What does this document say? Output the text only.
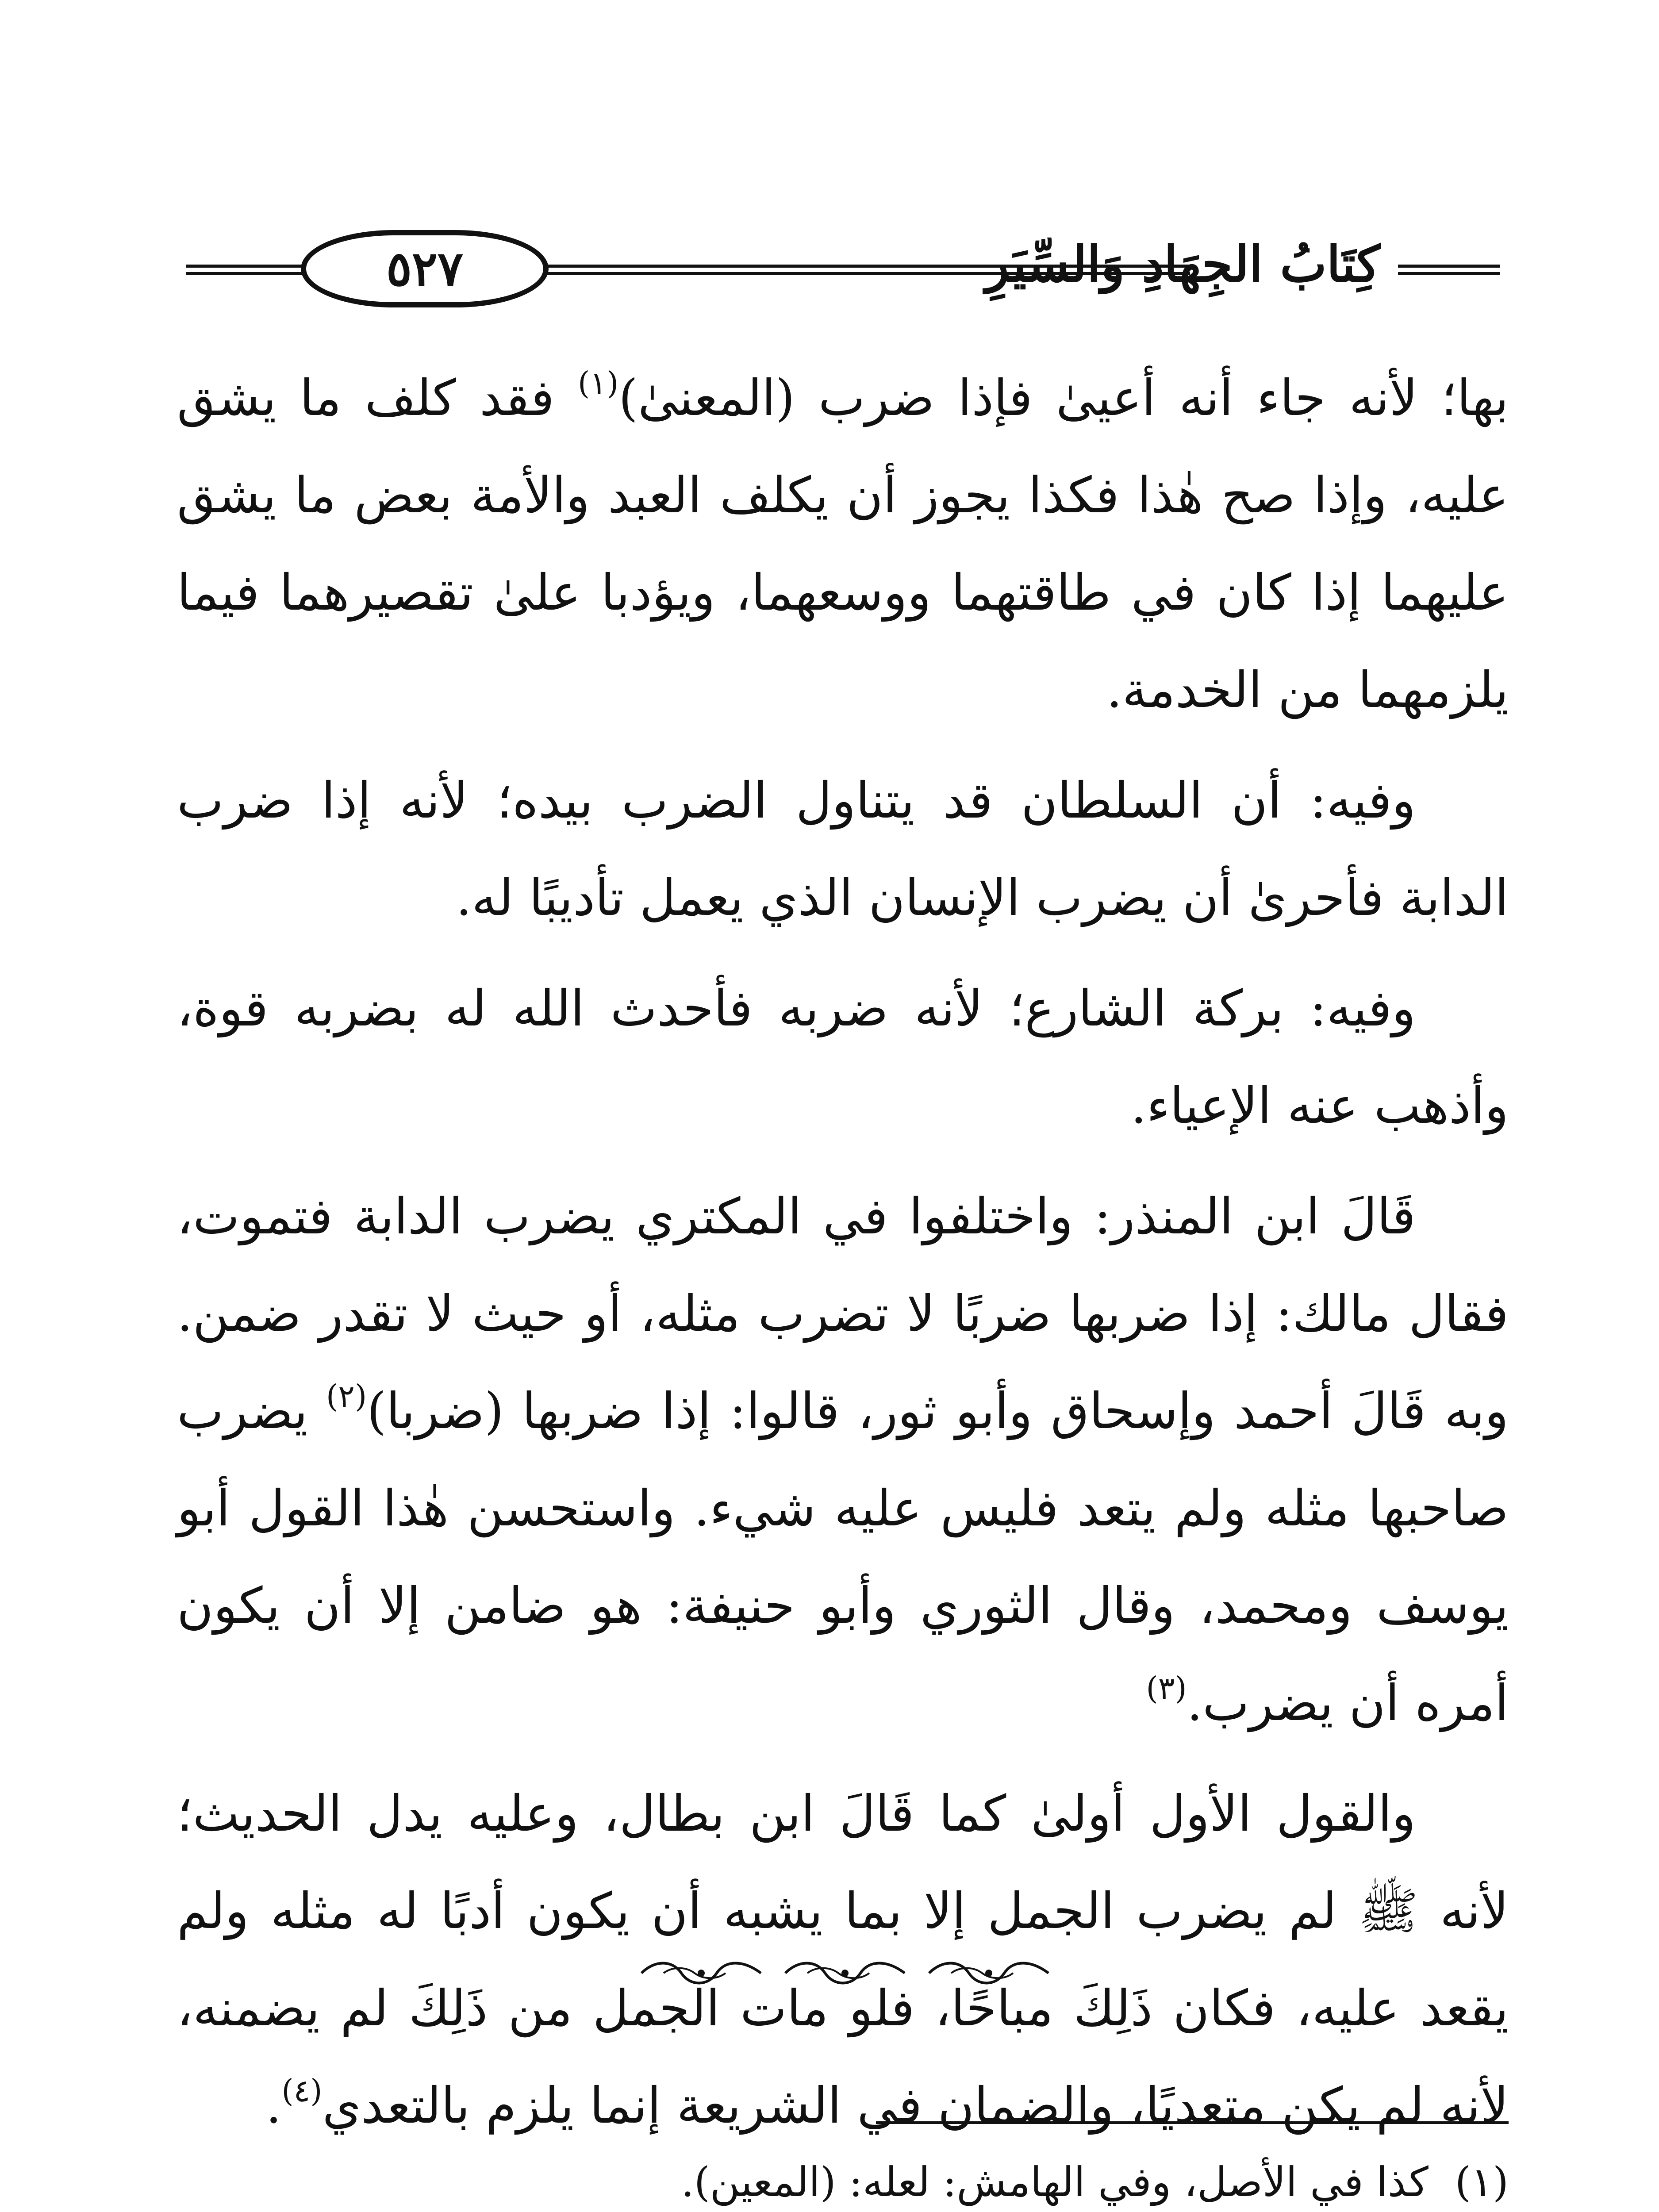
٥٢٧	كِتَابُ الجِهَادِ وَالسِّيَرِ

بها؛ لأنه جاء أنه أعيىٰ فإذا ضرب (المعنىٰ)$^{(١)}$ فقد كلف ما يشق عليه، وإذا صح هٰذا فكذا يجوز أن يكلف العبد والأمة بعض ما يشق عليهما إذا كان في طاقتهما ووسعهما، ويؤدبا علىٰ تقصيرهما فيما يلزمهما من الخدمة.

وفيه: أن السلطان قد يتناول الضرب بيده؛ لأنه إذا ضرب الدابة فأحرىٰ أن يضرب الإنسان الذي يعمل تأديبًا له.

وفيه: بركة الشارع؛ لأنه ضربه فأحدث الله له بضربه قوة، وأذهب عنه الإعياء.

قَالَ ابن المنذر: واختلفوا في المكتري يضرب الدابة فتموت، فقال مالك: إذا ضربها ضربًا لا تضرب مثله، أو حيث لا تقدر ضمن. وبه قَالَ أحمد وإسحاق وأبو ثور، قالوا: إذا ضربها (ضربا)$^{(٢)}$ يضرب صاحبها مثله ولم يتعد فليس عليه شيء. واستحسن هٰذا القول أبو يوسف ومحمد، وقال الثوري وأبو حنيفة: هو ضامن إلا أن يكون أمره أن يضرب.$^{(٣)}$

والقول الأول أولىٰ كما قَالَ ابن بطال، وعليه يدل الحديث؛ لأنه ﷺ لم يضرب الجمل إلا بما يشبه أن يكون أدبًا له مثله ولم يقعد عليه، فكان ذَلِكَ مباحًا، فلو مات الجمل من ذَلِكَ لم يضمنه، لأنه لم يكن متعديًا، والضمان في الشريعة إنما يلزم بالتعدي$^{(٤)}$.

(١)
كذا في الأصل، وفي الهامش: لعله: (المعين).
